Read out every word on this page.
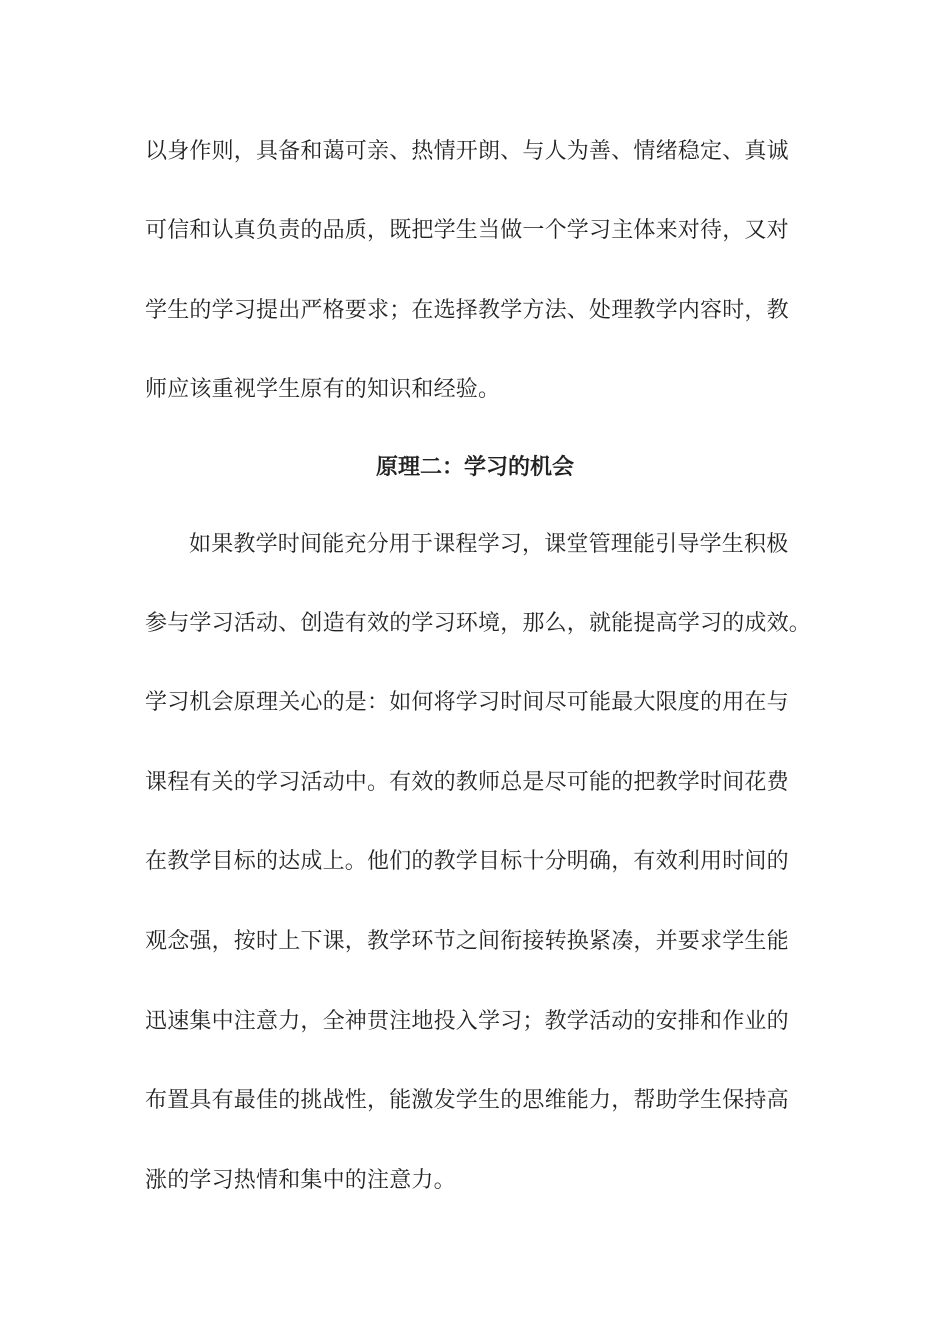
以身作则，具备和蔼可亲、热情开朗、与人为善、情绪稳定、真诚
可信和认真负责的品质，既把学生当做一个学习主体来对待，又对
学生的学习提出严格要求；在选择教学方法、处理教学内容时，教
师应该重视学生原有的知识和经验。
原理二：学习的机会
如果教学时间能充分用于课程学习，课堂管理能引导学生积极
参与学习活动、创造有效的学习环境，那么，就能提高学习的成效。
学习机会原理关心的是：如何将学习时间尽可能最大限度的用在与
课程有关的学习活动中。有效的教师总是尽可能的把教学时间花费
在教学目标的达成上。他们的教学目标十分明确，有效利用时间的
观念强，按时上下课，教学环节之间衔接转换紧凑，并要求学生能
迅速集中注意力，全神贯注地投入学习；教学活动的安排和作业的
布置具有最佳的挑战性，能激发学生的思维能力，帮助学生保持高
涨的学习热情和集中的注意力。
